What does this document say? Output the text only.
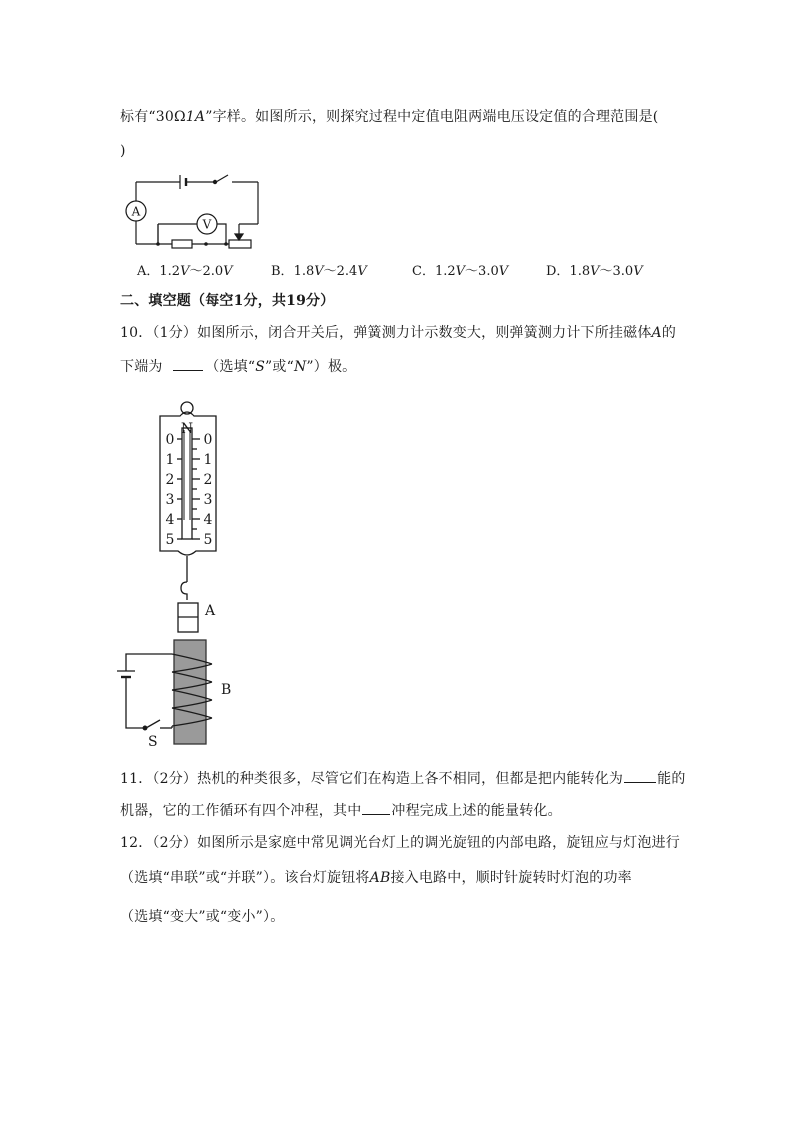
标有“30Ω1A”字样。如图所示，则探究过程中定值电阻两端电压设定值的合理范围是(
)
A
V
A．1.2V～2.0V	B．1.8V～2.4V	C．1.2V～3.0V	D．1.8V～3.0V
二、填空题（每空1分，共19分）
10．（1分）如图所示，闭合开关后，弹簧测力计示数变大，则弹簧测力计下所挂磁体A的
下端为	（选填“S”或“N”）极。
N
0
1
2
3
4
5
0
1
2
3
4
5
A
B
S
11．（2分）热机的种类很多，尽管它们在构造上各不相同，但都是把内能转化为 能的
机器，它的工作循环有四个冲程，其中 冲程完成上述的能量转化。
12．（2分）如图所示是家庭中常见调光台灯上的调光旋钮的内部电路，旋钮应与灯泡进行
（选填“串联”或“并联”）。该台灯旋钮将AB接入电路中，顺时针旋转时灯泡的功率
（选填“变大”或“变小”）。
